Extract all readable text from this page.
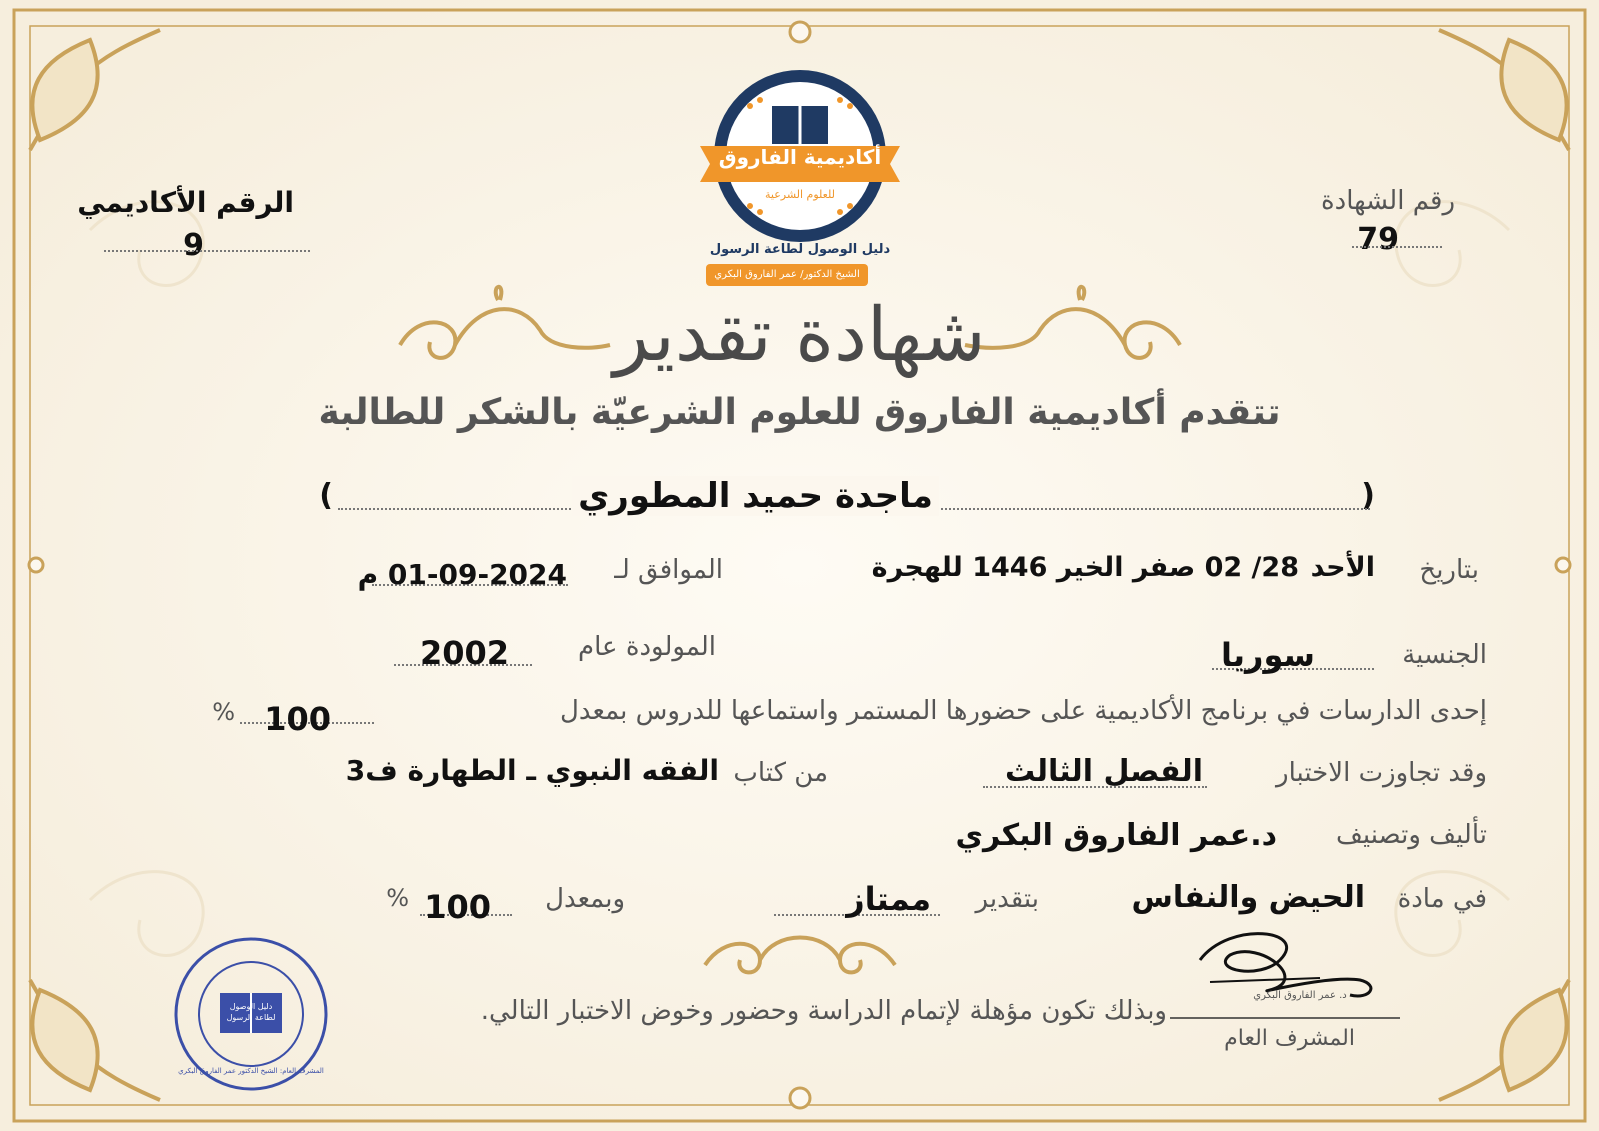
أكاديمية الفاروق
للعلوم الشرعية
دليل الوصول لطاعة الرسول
الشيخ الدكتور/ عمر الفاروق البكري
رقم الشهادة
79
الرقم الأكاديمي
9
شهادة تقدير
تتقدم أكاديمية الفاروق للعلوم الشرعيّة بالشكر للطالبة
(
ماجدة حميد المطوري
)
بتاريخ
الأحد
28/ 02 صفر الخير 1446 للهجرة
الموافق لـ
01-09-2024 م
الجنسية
سوريا
المولودة عام
2002
إحدى الدارسات في برنامج الأكاديمية على حضورها المستمر واستماعها للدروس بمعدل
100
%
وقد تجاوزت الاختبار
الفصل الثالث
من كتاب
الفقه النبوي ـ الطهارة ف3
تأليف وتصنيف
د.عمر الفاروق البكري
في مادة
الحيض والنفاس
بتقدير
ممتاز
وبمعدل
100
%
وبذلك تكون مؤهلة لإتمام الدراسة وحضور وخوض الاختبار التالي.
د. عمر الفاروق البكري
المشرف العام
دليل الوصول لطاعة الرسول
المشرف العام: الشيخ الدكتور عمر الفاروق البكري
